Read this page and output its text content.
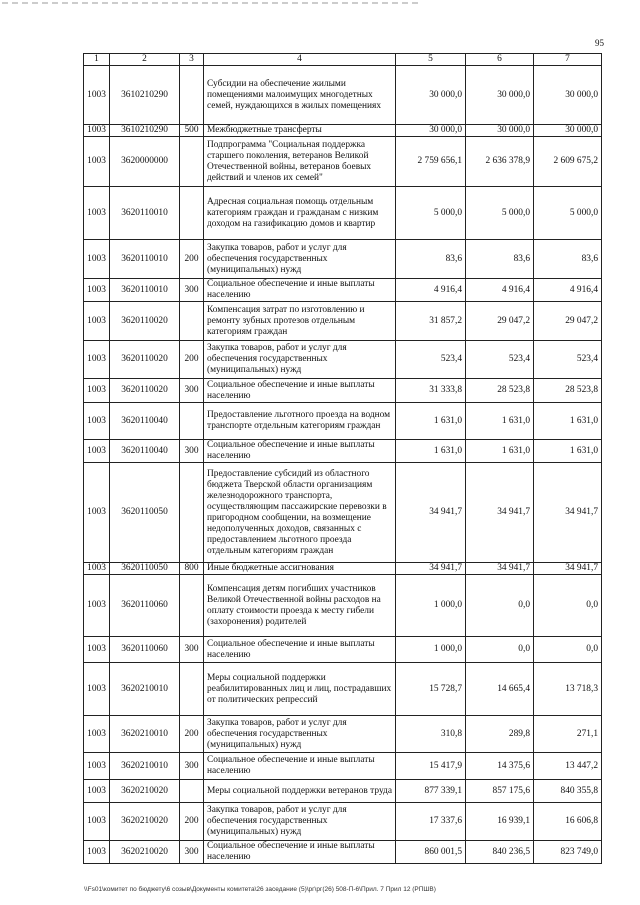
95
1	2	3	4	5	6	7
1003	3610210290		Субсидии на обеспечение жилыми помещениями малоимущих многодетных семей, нуждающихся в жилых помещениях	30 000,0	30 000,0	30 000,0
1003	3610210290	500	Межбюджетные трансферты	30 000,0	30 000,0	30 000,0
1003	3620000000		Подпрограмма "Социальная поддержка старшего поколения, ветеранов Великой Отечественной войны, ветеранов боевых действий и членов их семей"	2 759 656,1	2 636 378,9	2 609 675,2
1003	3620110010		Адресная социальная помощь отдельным категориям граждан и гражданам с низким доходом на газификацию домов и квартир	5 000,0	5 000,0	5 000,0
1003	3620110010	200	Закупка товаров, работ и услуг для обеспечения государственных (муниципальных) нужд	83,6	83,6	83,6
1003	3620110010	300	Социальное обеспечение и иные выплаты населению	4 916,4	4 916,4	4 916,4
1003	3620110020		Компенсация затрат по изготовлению и ремонту зубных протезов отдельным категориям граждан	31 857,2	29 047,2	29 047,2
1003	3620110020	200	Закупка товаров, работ и услуг для обеспечения государственных (муниципальных) нужд	523,4	523,4	523,4
1003	3620110020	300	Социальное обеспечение и иные выплаты населению	31 333,8	28 523,8	28 523,8
1003	3620110040		Предоставление льготного проезда на водном транспорте отдельным категориям граждан	1 631,0	1 631,0	1 631,0
1003	3620110040	300	Социальное обеспечение и иные выплаты населению	1 631,0	1 631,0	1 631,0
1003	3620110050		Предоставление субсидий из областного бюджета Тверской области организациям железнодорожного транспорта, осуществляющим пассажирские перевозки в пригородном сообщении, на возмещение недополученных доходов, связанных с предоставлением льготного проезда отдельным категориям граждан	34 941,7	34 941,7	34 941,7
1003	3620110050	800	Иные бюджетные ассигнования	34 941,7	34 941,7	34 941,7
1003	3620110060		Компенсация детям погибших участников Великой Отечественной войны расходов на оплату стоимости проезда к месту гибели (захоронения) родителей	1 000,0	0,0	0,0
1003	3620110060	300	Социальное обеспечение и иные выплаты населению	1 000,0	0,0	0,0
1003	3620210010		Меры социальной поддержки реабилитированных лиц и лиц, пострадавших от политических репрессий	15 728,7	14 665,4	13 718,3
1003	3620210010	200	Закупка товаров, работ и услуг для обеспечения государственных (муниципальных) нужд	310,8	289,8	271,1
1003	3620210010	300	Социальное обеспечение и иные выплаты населению	15 417,9	14 375,6	13 447,2
1003	3620210020		Меры социальной поддержки ветеранов труда	877 339,1	857 175,6	840 355,8
1003	3620210020	200	Закупка товаров, работ и услуг для обеспечения государственных (муниципальных) нужд	17 337,6	16 939,1	16 606,8
1003	3620210020	300	Социальное обеспечение и иные выплаты населению	860 001,5	840 236,5	823 749,0
\\Fs01\комитет по бюджету\6 созыв\Документы комитета\26 заседание (5)\рг\рг(26) 508-П-6\Прил. 7 Прил 12 (РПШВ)
